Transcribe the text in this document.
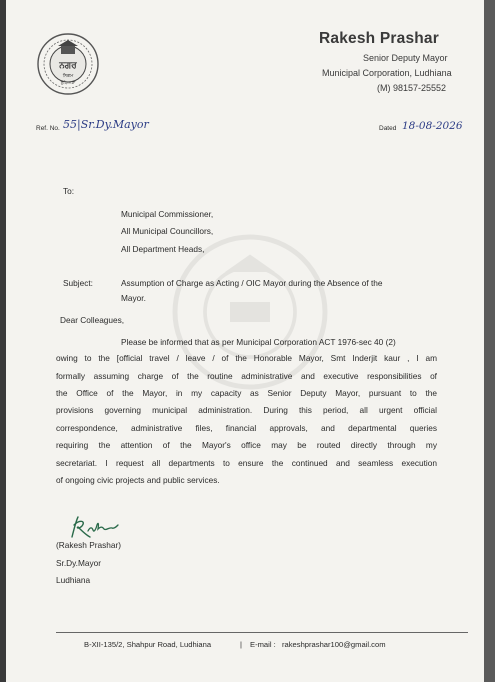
ਨਗਰ
ਨਿਗਮ
ਲੁਧਿਆਣਾ
Rakesh Prashar
Senior Deputy Mayor
Municipal Corporation, Ludhiana
(M) 98157-25552
Ref. No. 55|Sr.Dy.Mayor	Dated 18-08-2026
To:
Municipal Commissioner,
All Municipal Councillors,
All Department Heads,
Subject:	Assumption of Charge as Acting / OIC Mayor during the Absence of the
Mayor.
Dear Colleagues,
Please be informed that as per Municipal Corporation ACT 1976-sec 40 (2)
owing to the [official travel / leave / of the Honorable Mayor, Smt Inderjit kaur , I am
formally assuming charge of the routine administrative and executive responsibilities of
the Office of the Mayor, in my capacity as Senior Deputy Mayor, pursuant to the
provisions governing municipal administration. During this period, all urgent official
correspondence, administrative files, financial approvals, and departmental queries
requiring the attention of the Mayor's office may be routed directly through my
secretariat. I request all departments to ensure the continued and seamless execution
of ongoing civic projects and public services.
(Rakesh Prashar)
Sr.Dy.Mayor
Ludhiana
B-XII-135/2, Shahpur Road, Ludhiana	| E-mail : rakeshprashar100@gmail.com
